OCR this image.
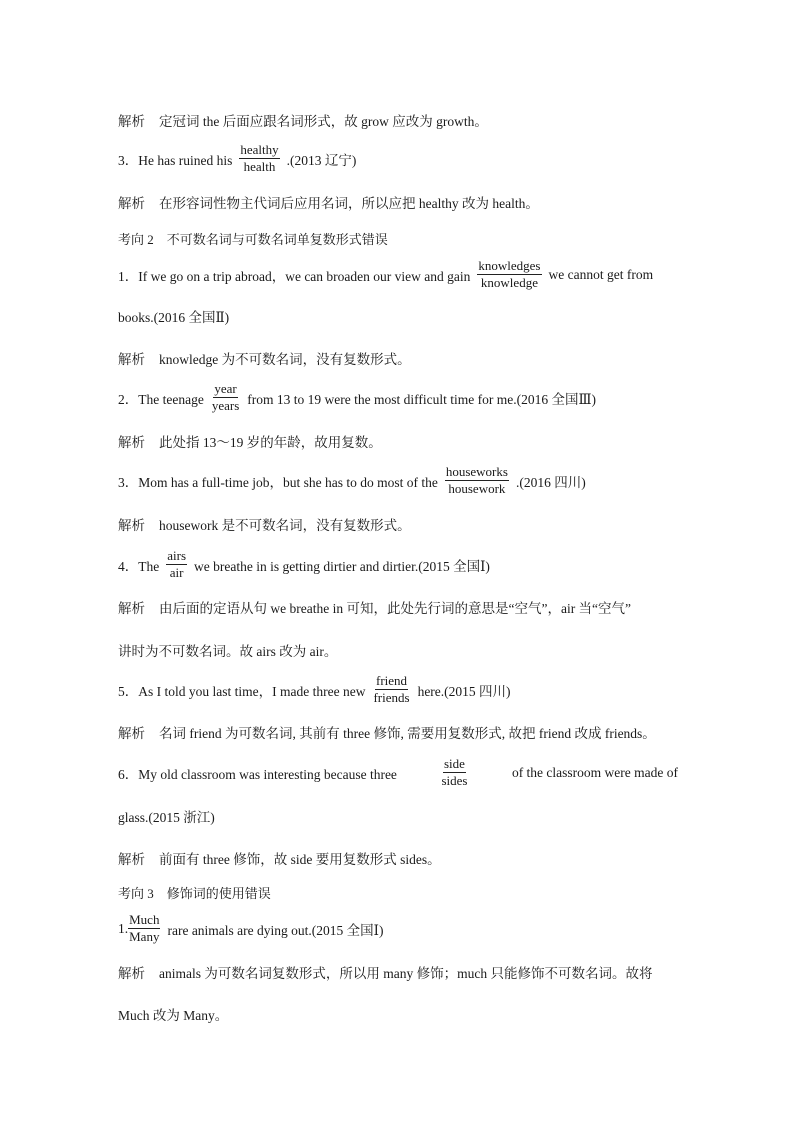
解析 定冠词 the 后面应跟名词形式，故 grow 应改为 growth。
3．He has ruined his $\frac{\text{healthy}}{\text{health}} .(2013$ 辽宁)
解析 在形容词性物主代词后应用名词，所以应把 healthy 改为 health。
考向 2　不可数名词与可数名词单复数形式错误
1．If we go on a trip abroad，we can broaden our view and gain $\frac{\text{knowledges}}{\text{knowledge}}$ we cannot get from
books.(2016 全国Ⅱ)
解析 knowledge 为不可数名词，没有复数形式。
2．The teenage $\frac{\text{year}}{\text{years}}$ from 13 to 19 were the most difficult time for me.(2016 全国Ⅲ)
解析 此处指 13～19 岁的年龄，故用复数。
3．Mom has a full-time job，but she has to do most of the $\frac{\text{houseworks}}{\text{housework}} .(2016$ 四川)
解析 housework 是不可数名词，没有复数形式。
4．The $\frac{\text{airs}}{\text{air}}$ we breathe in is getting dirtier and dirtier.(2015 全国Ⅰ)
解析 由后面的定语从句 we breathe in 可知，此处先行词的意思是“空气”，air 当“空气”
讲时为不可数名词。故 airs 改为 air。
5．As I told you last time，I made three new $\frac{\text{friend}}{\text{friends}}$ here.(2015 四川)
解析 名词 friend 为可数名词, 其前有 three 修饰, 需要用复数形式, 故把 friend 改成 friends。
6．My old classroom was interesting because three	$\frac{\text{side}}{\text{sides}}$	of the classroom were made of
glass.(2015 浙江)
解析 前面有 three 修饰，故 side 要用复数形式 sides。
考向 3　修饰词的使用错误
1. $\frac{\text{Much}}{\text{Many}}$ rare animals are dying out.(2015 全国Ⅰ)
解析 animals 为可数名词复数形式，所以用 many 修饰；much 只能修饰不可数名词。故将
Much 改为 Many。
